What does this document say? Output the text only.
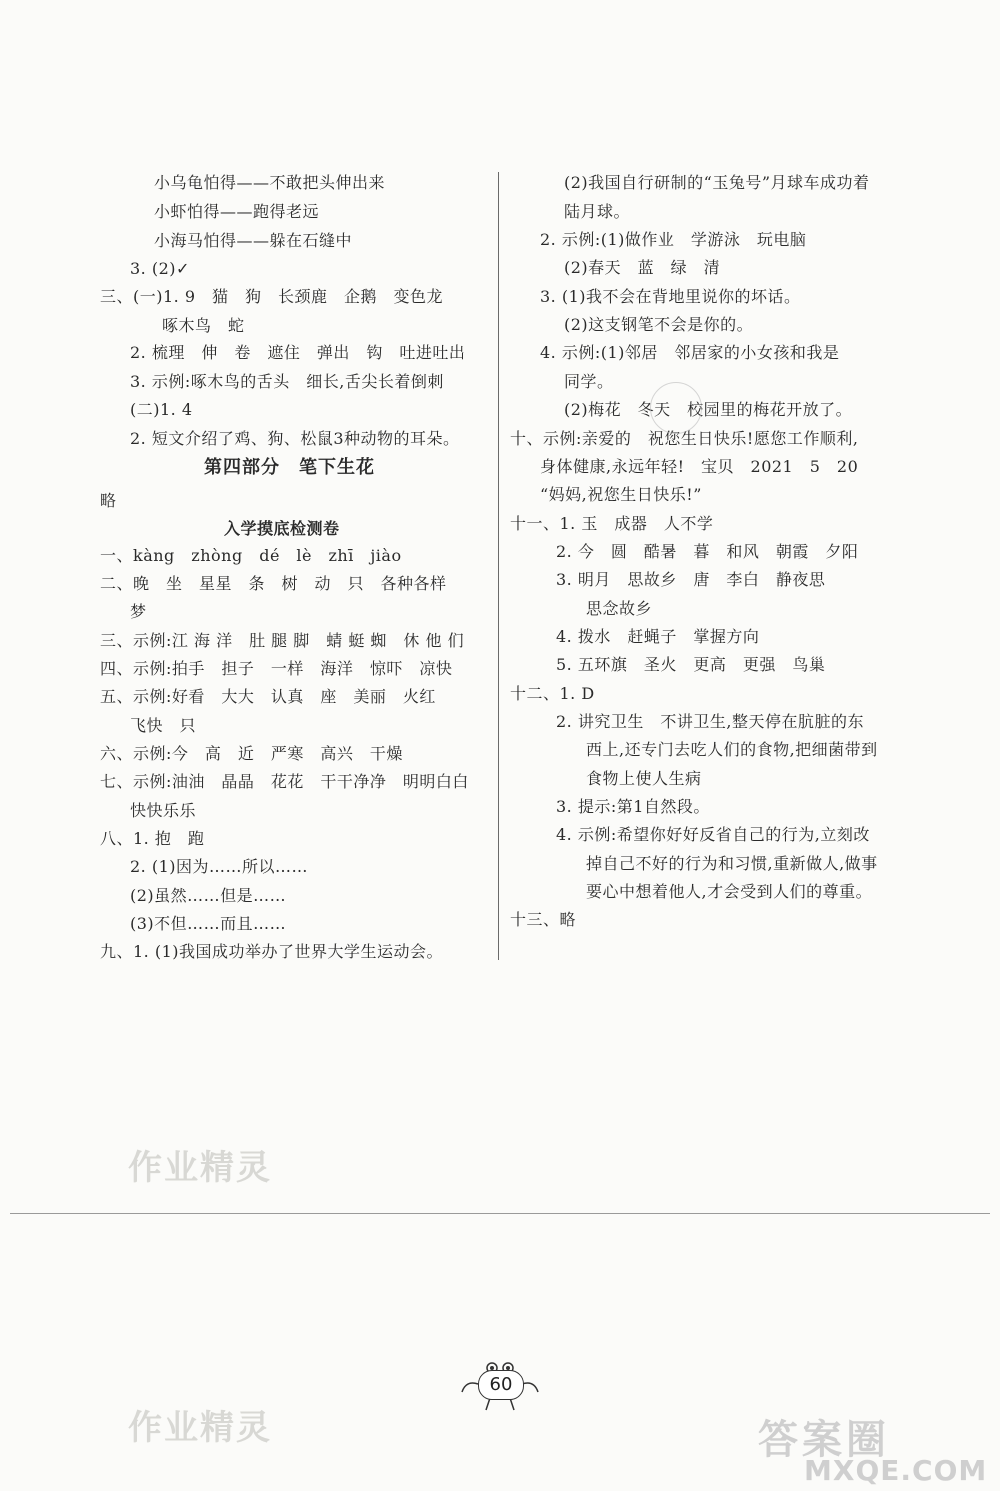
小乌龟怕得——不敢把头伸出来
小虾怕得——跑得老远
小海马怕得——躲在石缝中
3. (2)✓
三、(一)1. 9　猫　狗　长颈鹿　企鹅　变色龙
啄木鸟　蛇
2. 梳理　伸　卷　遮住　弹出　钩　吐进吐出
3. 示例:啄木鸟的舌头　细长,舌尖长着倒刺
(二)1. 4
2. 短文介绍了鸡、狗、松鼠3种动物的耳朵。
第四部分　笔下生花
略
入学摸底检测卷
一、kàng　zhòng　dé　lè　zhī　jiào
二、晚　坐　星星　条　树　动　只　各种各样
梦
三、示例:江 海 洋　肚 腿 脚　蜻 蜓 蜘　休 他 们
四、示例:拍手　担子　一样　海洋　惊吓　凉快
五、示例:好看　大大　认真　座　美丽　火红
飞快　只
六、示例:今　高　近　严寒　高兴　干燥
七、示例:油油　晶晶　花花　干干净净　明明白白
快快乐乐
八、1. 抱　跑
2. (1)因为……所以……
(2)虽然……但是……
(3)不但……而且……
九、1. (1)我国成功举办了世界大学生运动会。
(2)我国自行研制的“玉兔号”月球车成功着
陆月球。
2. 示例:(1)做作业　学游泳　玩电脑
(2)春天　蓝　绿　清
3. (1)我不会在背地里说你的坏话。
(2)这支钢笔不会是你的。
4. 示例:(1)邻居　邻居家的小女孩和我是
同学。
(2)梅花　冬天　校园里的梅花开放了。
十、示例:亲爱的　祝您生日快乐!愿您工作顺利,
身体健康,永远年轻!　宝贝　2021　5　20
“妈妈,祝您生日快乐!”
十一、1. 玉　成器　人不学
2. 今　圆　酷暑　暮　和风　朝霞　夕阳
3. 明月　思故乡　唐　李白　静夜思
思念故乡
4. 拨水　赶蝇子　掌握方向
5. 五环旗　圣火　更高　更强　鸟巢
十二、1. D
2. 讲究卫生　不讲卫生,整天停在肮脏的东
西上,还专门去吃人们的食物,把细菌带到
食物上使人生病
3. 提示:第1自然段。
4. 示例:希望你好好反省自己的行为,立刻改
掉自己不好的行为和习惯,重新做人,做事
要心中想着他人,才会受到人们的尊重。
十三、略
作业精灵
作业精灵
60
答案圈
MXQE.COM
